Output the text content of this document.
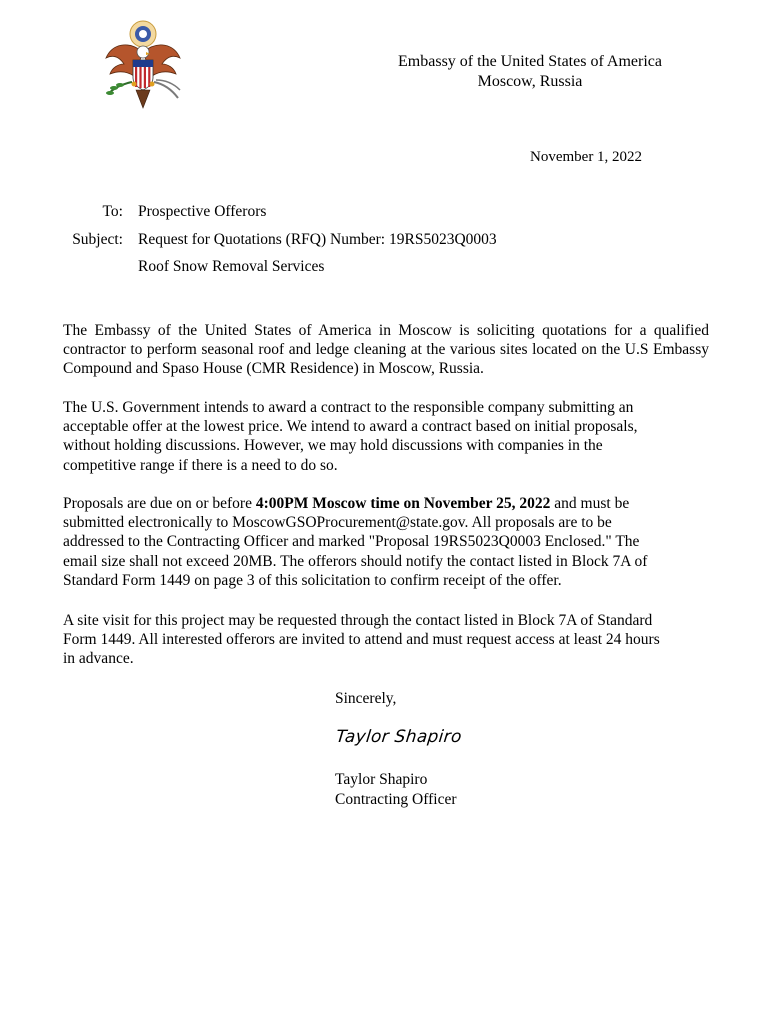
Embassy of the United States of America
Moscow, Russia
November 1, 2022
To: Prospective Offerors
Subject: Request for Quotations (RFQ) Number: 19RS5023Q0003
Roof Snow Removal Services
The Embassy of the United States of America in Moscow is soliciting quotations for a qualified contractor to perform seasonal roof and ledge cleaning at the various sites located on the U.S Embassy Compound and Spaso House (CMR Residence) in Moscow, Russia.
The U.S. Government intends to award a contract to the responsible company submitting an
acceptable offer at the lowest price. We intend to award a contract based on initial proposals,
without holding discussions. However, we may hold discussions with companies in the
competitive range if there is a need to do so.
Proposals are due on or before 4:00PM Moscow time on November 25, 2022 and must be
submitted electronically to MoscowGSOProcurement@state.gov. All proposals are to be
addressed to the Contracting Officer and marked "Proposal 19RS5023Q0003 Enclosed." The
email size shall not exceed 20MB. The offerors should notify the contact listed in Block 7A of
Standard Form 1449 on page 3 of this solicitation to confirm receipt of the offer.
A site visit for this project may be requested through the contact listed in Block 7A of Standard
Form 1449. All interested offerors are invited to attend and must request access at least 24 hours
in advance.
Sincerely,
Taylor Shapiro
Taylor Shapiro
Contracting Officer
